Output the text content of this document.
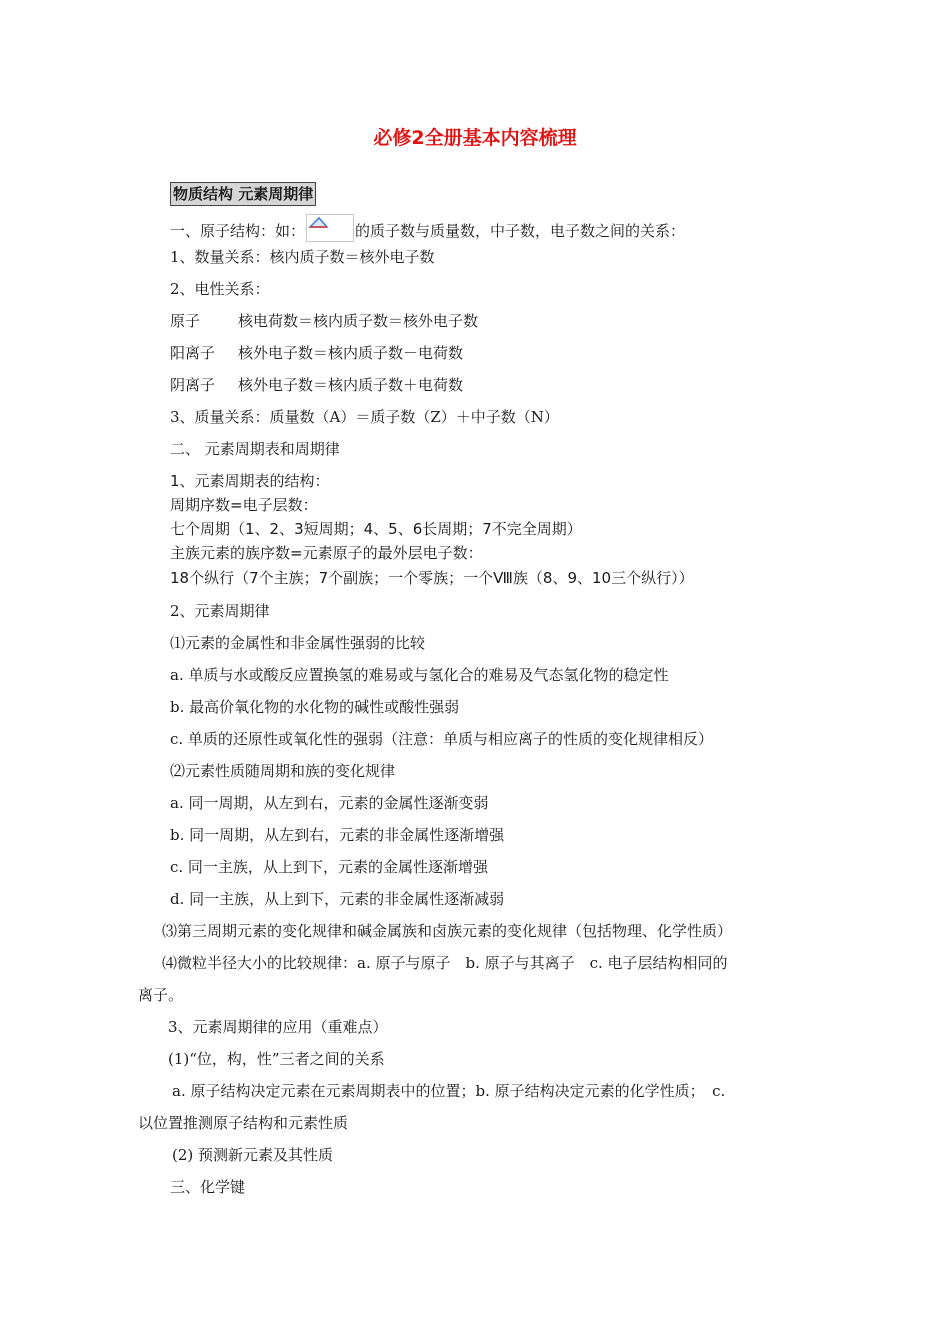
必修2全册基本内容梳理
物质结构 元素周期律
一、原子结构：如：	的质子数与质量数，中子数，电子数之间的关系：
1、数量关系：核内质子数＝核外电子数
2、电性关系：
原子	核电荷数＝核内质子数＝核外电子数
阳离子 核外电子数＝核内质子数－电荷数
阴离子 核外电子数＝核内质子数＋电荷数
3、质量关系：质量数（A）＝质子数（Z）＋中子数（N）
二、 元素周期表和周期律
1、元素周期表的结构：
周期序数=电子层数：
七个周期（1、2、3短周期；4、5、6长周期；7不完全周期）
主族元素的族序数=元素原子的最外层电子数：
18个纵行（7个主族；7个副族；一个零族；一个Ⅷ族（8、9、10三个纵行））
2、元素周期律
⑴元素的金属性和非金属性强弱的比较
a. 单质与水或酸反应置换氢的难易或与氢化合的难易及气态氢化物的稳定性
b. 最高价氧化物的水化物的碱性或酸性强弱
c. 单质的还原性或氧化性的强弱（注意：单质与相应离子的性质的变化规律相反）
⑵元素性质随周期和族的变化规律
a. 同一周期，从左到右，元素的金属性逐渐变弱
b. 同一周期，从左到右，元素的非金属性逐渐增强
c. 同一主族，从上到下，元素的金属性逐渐增强
d. 同一主族，从上到下，元素的非金属性逐渐减弱
⑶第三周期元素的变化规律和碱金属族和卤族元素的变化规律（包括物理、化学性质）
⑷微粒半径大小的比较规律：a. 原子与原子　b. 原子与其离子　c. 电子层结构相同的
离子。
3、元素周期律的应用（重难点）
(1)“位，构，性”三者之间的关系
a. 原子结构决定元素在元素周期表中的位置；b. 原子结构决定元素的化学性质；　c.
以位置推测原子结构和元素性质
(2) 预测新元素及其性质
三、化学键
